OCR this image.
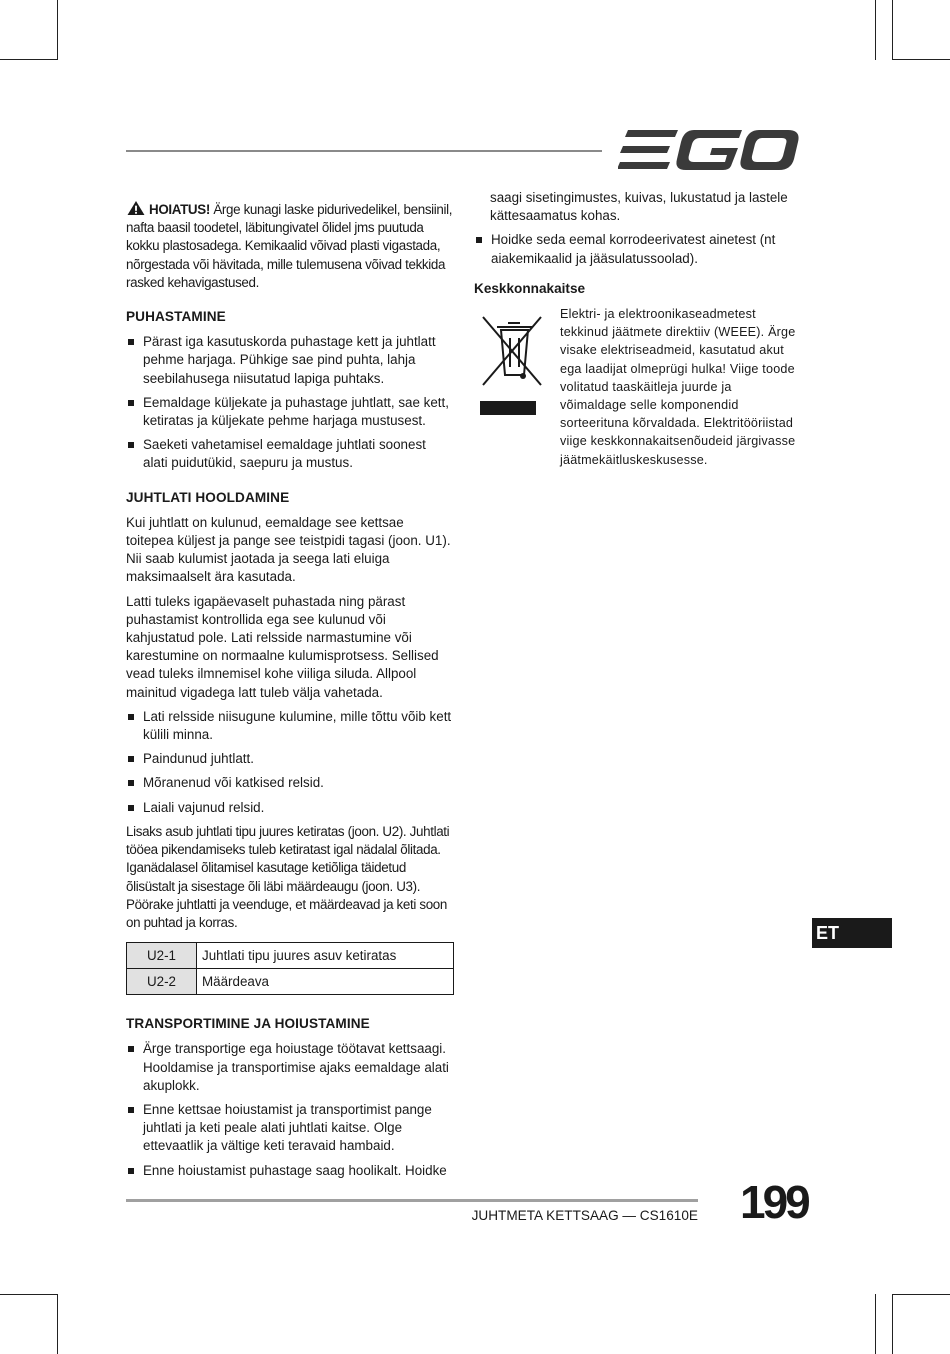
HOIATUS! Ärge kunagi laske pidurivedelikel, bensiinil, nafta baasil toodetel, läbitungivatel õlidel jms puutuda kokku plastosadega. Kemikaalid võivad plasti vigastada, nõrgestada või hävitada, mille tulemusena võivad tekkida rasked kehavigastused.

PUHASTAMINE
Pärast iga kasutuskorda puhastage kett ja juhtlatt pehme harjaga. Pühkige sae pind puhta, lahja seebilahusega niisutatud lapiga puhtaks.
Eemaldage küljekate ja puhastage juhtlatt, sae kett, ketiratas ja küljekate pehme harjaga mustusest.
Saeketi vahetamisel eemaldage juhtlati soonest alati puidutükid, saepuru ja mustus.
JUHTLATI HOOLDAMINE

Kui juhtlatt on kulunud, eemaldage see kettsae toitepea küljest ja pange see teistpidi tagasi (joon. U1). Nii saab kulumist jaotada ja seega lati eluiga maksimaalselt ära kasutada.

Latti tuleks igapäevaselt puhastada ning pärast puhastamist kontrollida ega see kulunud või kahjustatud pole. Lati relsside narmastumine või karestumine on normaalne kulumisprotsess. Sellised vead tuleks ilmnemisel kohe viiliga siluda. Allpool mainitud vigadega latt tuleb välja vahetada.

Lati relsside niisugune kulumine, mille tõttu võib kett külili minna.
Paindunud juhtlatt.
Mõranenud või katkised relsid.
Laiali vajunud relsid.

Lisaks asub juhtlati tipu juures ketiratas (joon. U2). Juhtlati tööea pikendamiseks tuleb ketiratast igal nädalal õlitada. Iganädalasel õlitamisel kasutage ketiõliga täidetud õlisüstalt ja sisestage õli läbi määrdeaugu (joon. U3). Pöörake juhtlatti ja veenduge, et määrdeavad ja keti soon on puhtad ja korras.

U2-1	Juhtlati tipu juures asuv ketiratas
U2-2	Määrdeava
TRANSPORTIMINE JA HOIUSTAMINE
Ärge transportige ega hoiustage töötavat kettsaagi. Hooldamise ja transportimise ajaks eemaldage alati akuplokk.
Enne kettsae hoiustamist ja transportimist pange juhtlati ja keti peale alati juhtlati kaitse. Olge ettevaatlik ja vältige keti teravaid hambaid.
Enne hoiustamist puhastage saag hoolikalt. Hoidke

saagi sisetingimustes, kuivas, lukustatud ja lastele kättesaamatus kohas.

Hoidke seda eemal korrodeerivatest ainetest (nt aiakemikaalid ja jääsulatussoolad).
Keskkonnakaitse
Elektri- ja elektroonikaseadmetest tekkinud jäätmete direktiiv (WEEE). Ärge visake elektriseadmeid, kasutatud akut ega laadijat olmeprügi hulka! Viige toode volitatud taaskäitleja juurde ja võimaldage selle komponendid sorteerituna kõrvaldada. Elektritööriistad viige keskkonnakaitsenõudeid järgivasse jäätmekäitluskeskusesse.
ET
JUHTMETA KETTSAAG — CS1610E 199
